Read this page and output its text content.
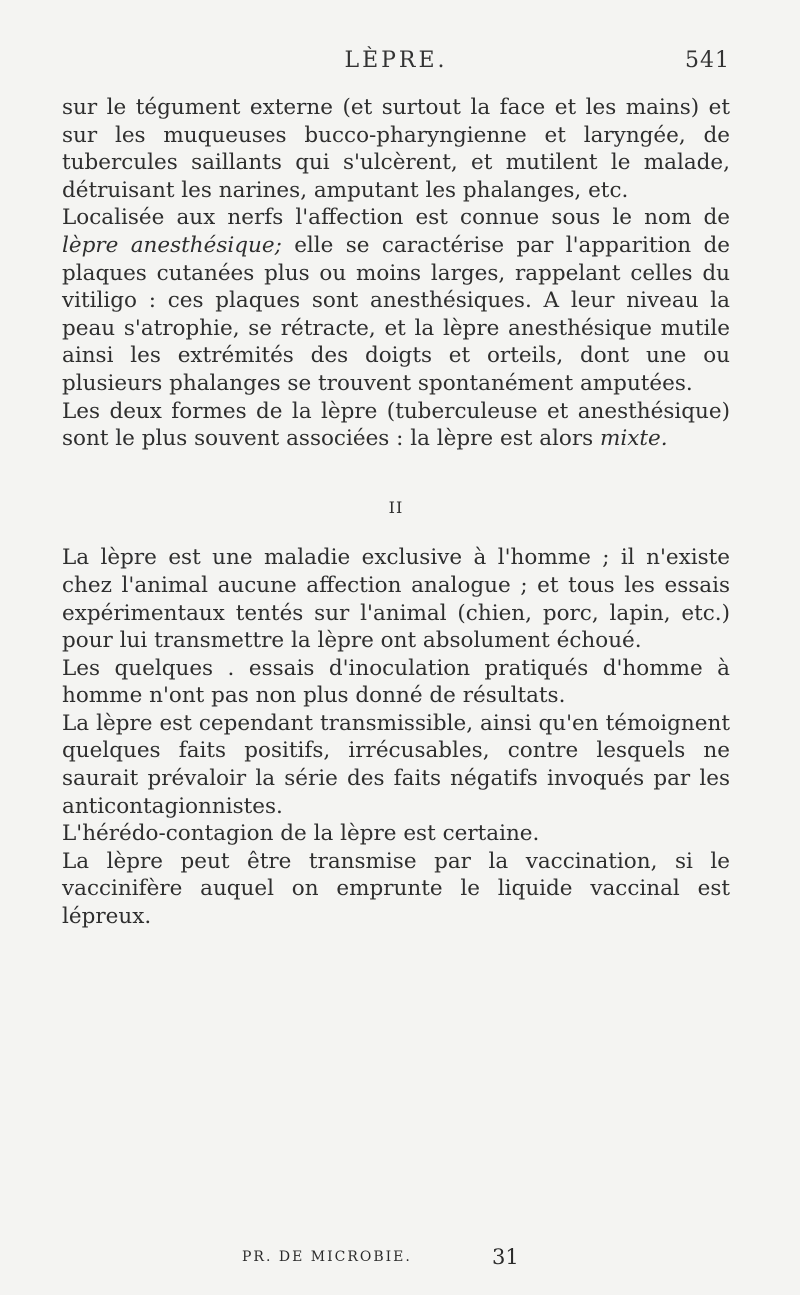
LÈPRE.	541

sur le tégument externe (et surtout la face et les mains) et sur les muqueuses bucco-pharyngienne et laryngée, de tubercules saillants qui s'ulcèrent, et mutilent le malade, détruisant les narines, amputant les phalanges, etc.

Localisée aux nerfs l'affection est connue sous le nom de lèpre anesthésique; elle se caractérise par l'apparition de plaques cutanées plus ou moins larges, rappelant celles du vitiligo : ces plaques sont anesthésiques. A leur niveau la peau s'atrophie, se rétracte, et la lèpre anesthésique mutile ainsi les extrémités des doigts et orteils, dont une ou plusieurs phalanges se trouvent spontanément amputées.

Les deux formes de la lèpre (tuberculeuse et anesthésique) sont le plus souvent associées : la lèpre est alors mixte.

II

La lèpre est une maladie exclusive à l'homme ; il n'existe chez l'animal aucune affection analogue ; et tous les essais expérimentaux tentés sur l'animal (chien, porc, lapin, etc.) pour lui transmettre la lèpre ont absolument échoué.

Les quelques . essais d'inoculation pratiqués d'homme à homme n'ont pas non plus donné de résultats.

La lèpre est cependant transmissible, ainsi qu'en témoignent quelques faits positifs, irrécusables, contre lesquels ne saurait prévaloir la série des faits négatifs invoqués par les anticontagionnistes.

L'hérédo-contagion de la lèpre est certaine.

La lèpre peut être transmise par la vaccination, si le vaccinifère auquel on emprunte le liquide vaccinal est lépreux.

PR. DE MICROBIE.	31
